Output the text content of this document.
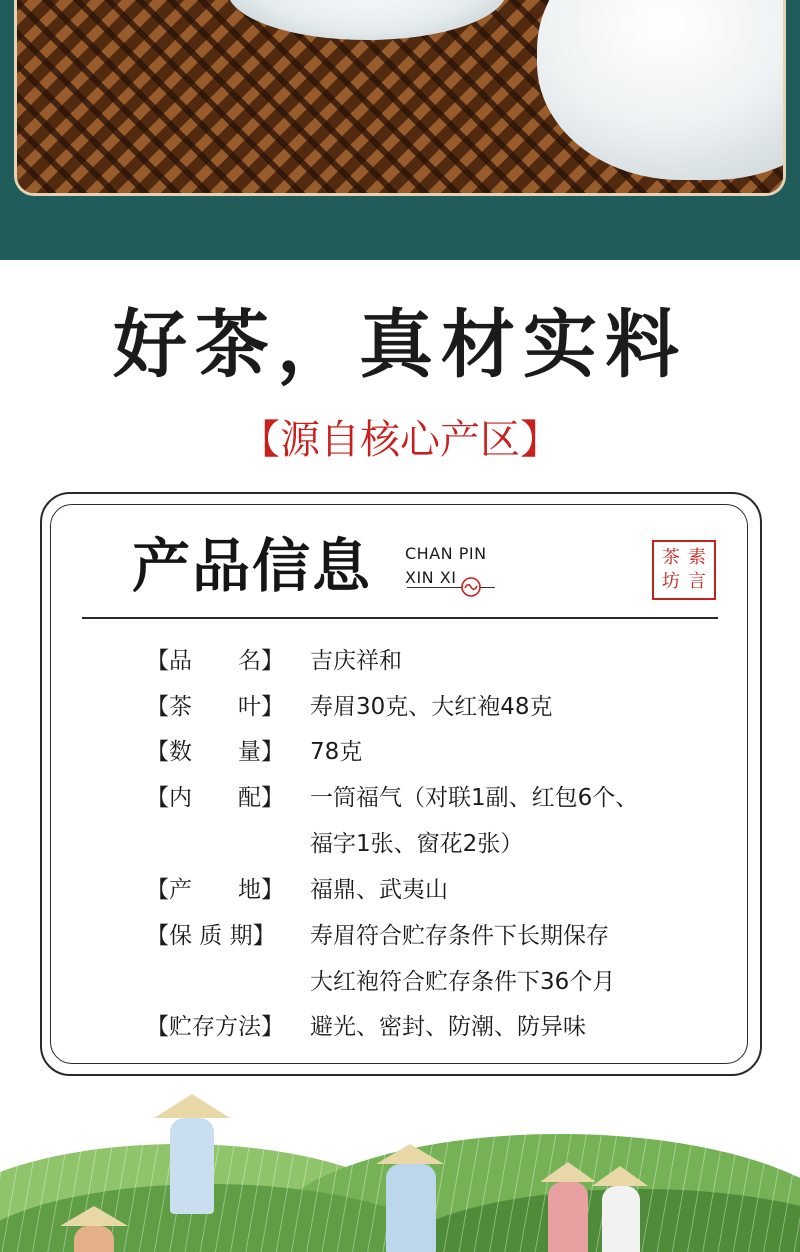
好茶，真材实料
【源自核心产区】
产品信息 CHAN PIN
XIN XI
素
言
茶
坊
【品　　名】 吉庆祥和
【茶　　叶】 寿眉30克、大红袍48克
【数　　量】 78克
【内　　配】 一筒福气（对联1副、红包6个、
福字1张、窗花2张）
【产　　地】 福鼎、武夷山
【保 质 期】	寿眉符合贮存条件下长期保存
大红袍符合贮存条件下36个月
【贮存方法】 避光、密封、防潮、防异味
